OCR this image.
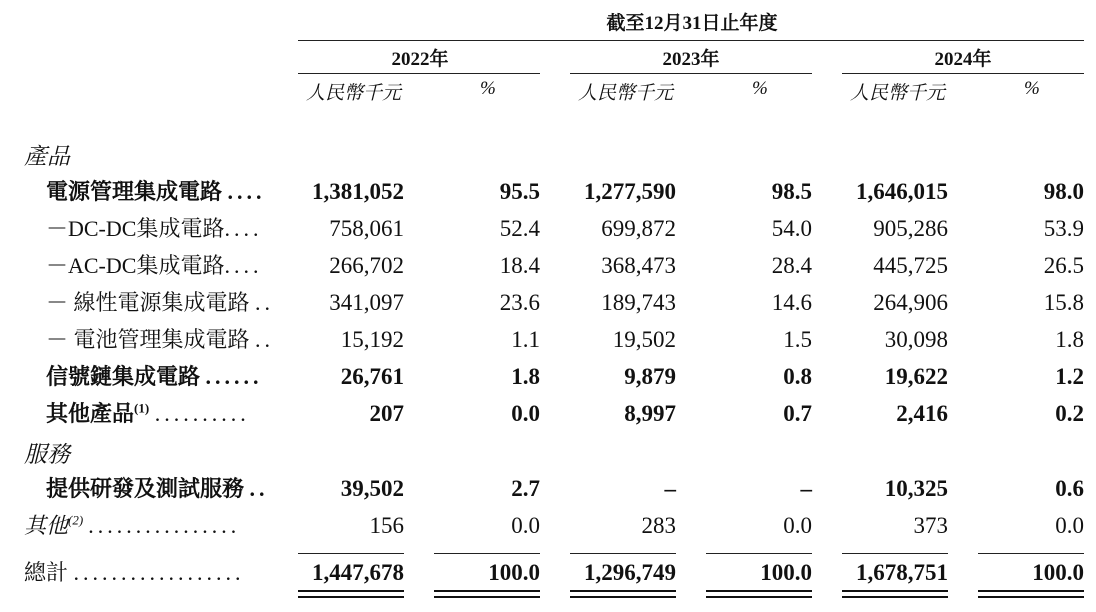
截至12月31日止年度
2022年	2023年	2024年
人民幣千元	%	人民幣千元	%	人民幣千元	%
產品
服務
電源管理集成電路 ....	1,381,052	95.5	1,277,590	98.5	1,646,015	98.0
－DC-DC集成電路....	758,061	52.4	699,872	54.0	905,286	53.9
－AC-DC集成電路....	266,702	18.4	368,473	28.4	445,725	26.5
－ 線性電源集成電路 ..	341,097	23.6	189,743	14.6	264,906	15.8
－ 電池管理集成電路 ..	15,192	1.1	19,502	1.5	30,098	1.8
信號鏈集成電路 ......	26,761	1.8	9,879	0.8	19,622	1.2
其他產品$^{(1)}$ ..........	207	0.0	8,997	0.7	2,416	0.2
提供研發及測試服務 ..	39,502	2.7	–	–	10,325	0.6
其他$^{(2)}$ ................	156	0.0	283	0.0	373	0.0
總計 ..................	1,447,678	100.0	1,296,749	100.0	1,678,751	100.0
